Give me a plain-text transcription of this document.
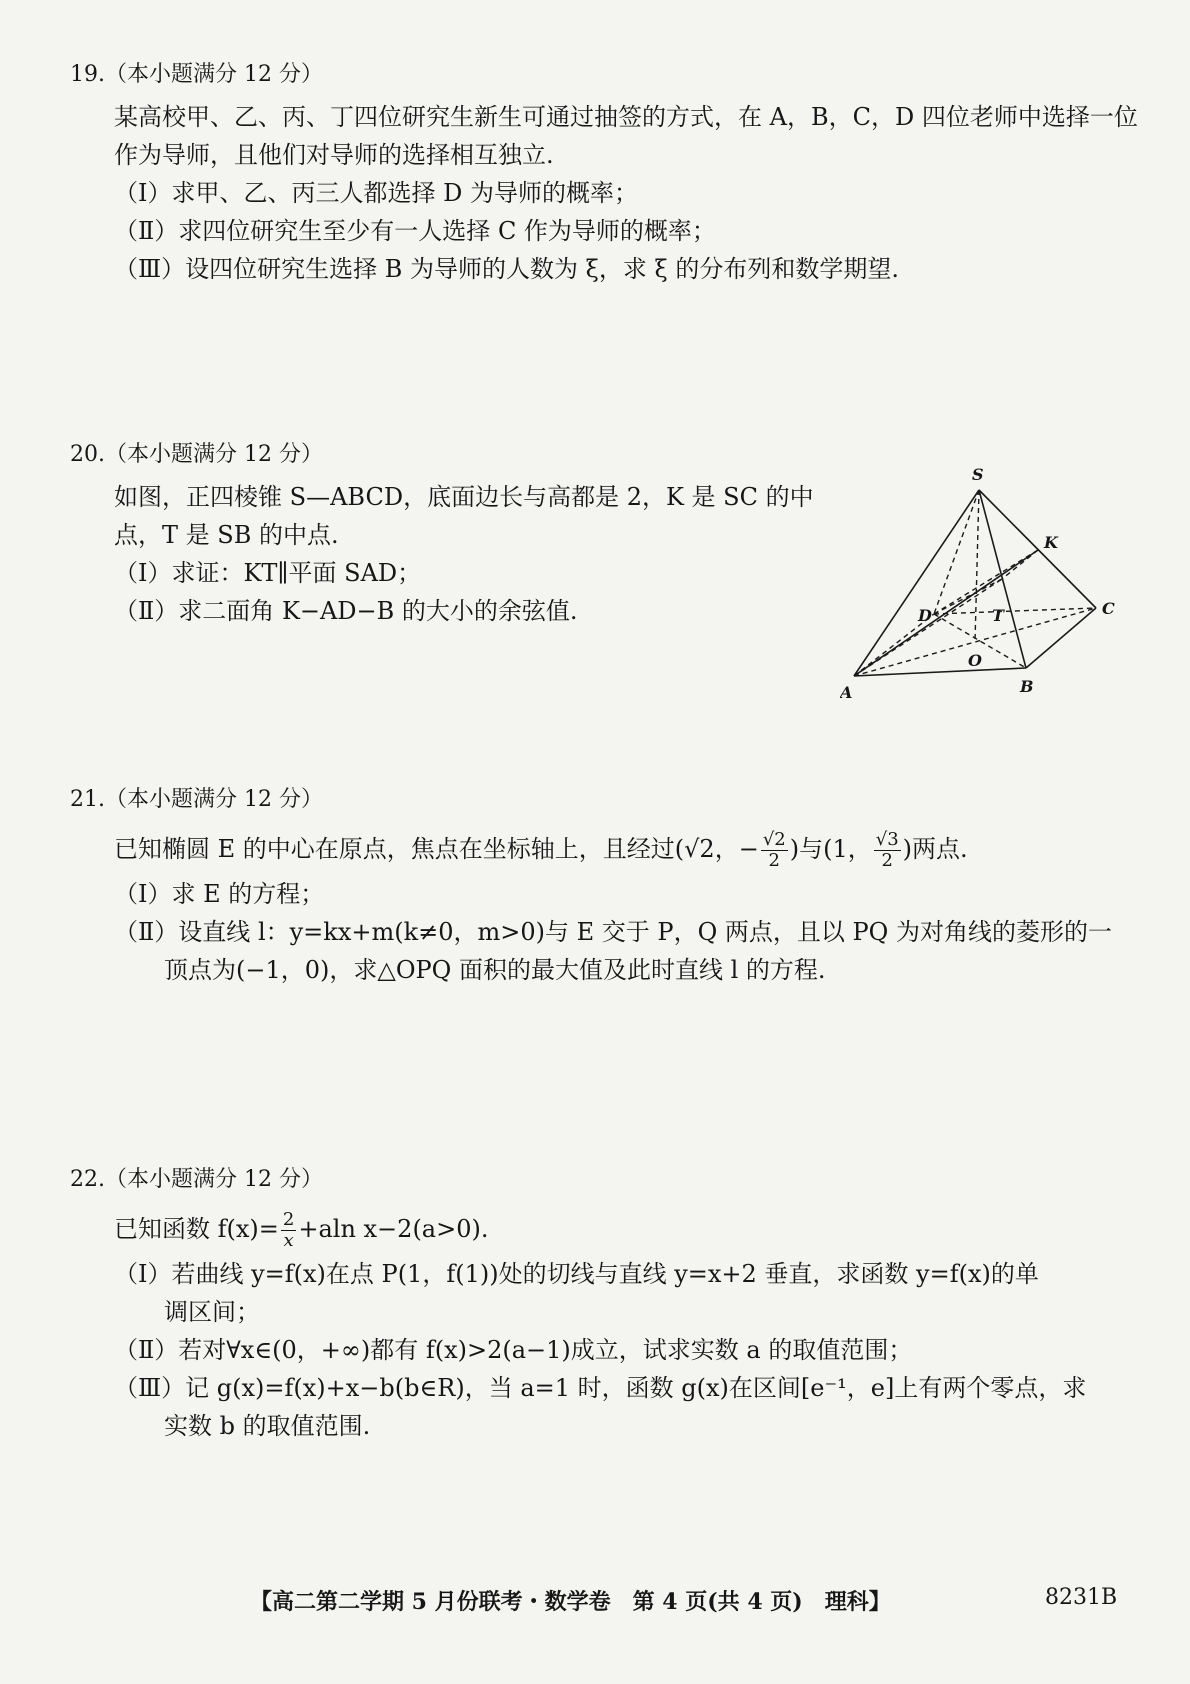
19.（本小题满分 12 分）
某高校甲、乙、丙、丁四位研究生新生可通过抽签的方式，在 A，B，C，D 四位老师中选择一位
作为导师，且他们对导师的选择相互独立.
（Ⅰ）求甲、乙、丙三人都选择 D 为导师的概率；
（Ⅱ）求四位研究生至少有一人选择 C 作为导师的概率；
（Ⅲ）设四位研究生选择 B 为导师的人数为 ξ，求 ξ 的分布列和数学期望.
20.（本小题满分 12 分）
如图，正四棱锥 S—ABCD，底面边长与高都是 2，K 是 SC 的中
点，T 是 SB 的中点.
（Ⅰ）求证：KT∥平面 SAD；
（Ⅱ）求二面角 K−AD−B 的大小的余弦值.
S
K
C
D	T
O
A	B
21.（本小题满分 12 分）
已知椭圆 E 的中心在原点，焦点在坐标轴上，且经过(√2，− $\frac{√2}{2}$ )与(1， $\frac{√3}{2}$ )两点.
（Ⅰ）求 E 的方程；
（Ⅱ）设直线 l：y=kx+m(k≠0，m>0)与 E 交于 P，Q 两点，且以 PQ 为对角线的菱形的一
顶点为(−1，0)，求△OPQ 面积的最大值及此时直线 l 的方程.
22.（本小题满分 12 分）
已知函数 $f(x)= \frac{2}{x} +aln$ x−2(a>0).
（Ⅰ）若曲线 y=f(x)在点 P(1，f(1))处的切线与直线 y=x+2 垂直，求函数 y=f(x)的单
调区间；
（Ⅱ）若对∀x∈(0，+∞)都有 f(x)>2(a−1)成立，试求实数 a 的取值范围；
（Ⅲ）记 g(x)=f(x)+x−b(b∈R)，当 a=1 时，函数 g(x)在区间[e⁻¹，e]上有两个零点，求
实数 b 的取值范围.
【高二第二学期 5 月份联考・数学卷　第 4 页(共 4 页)　理科】	8231B
